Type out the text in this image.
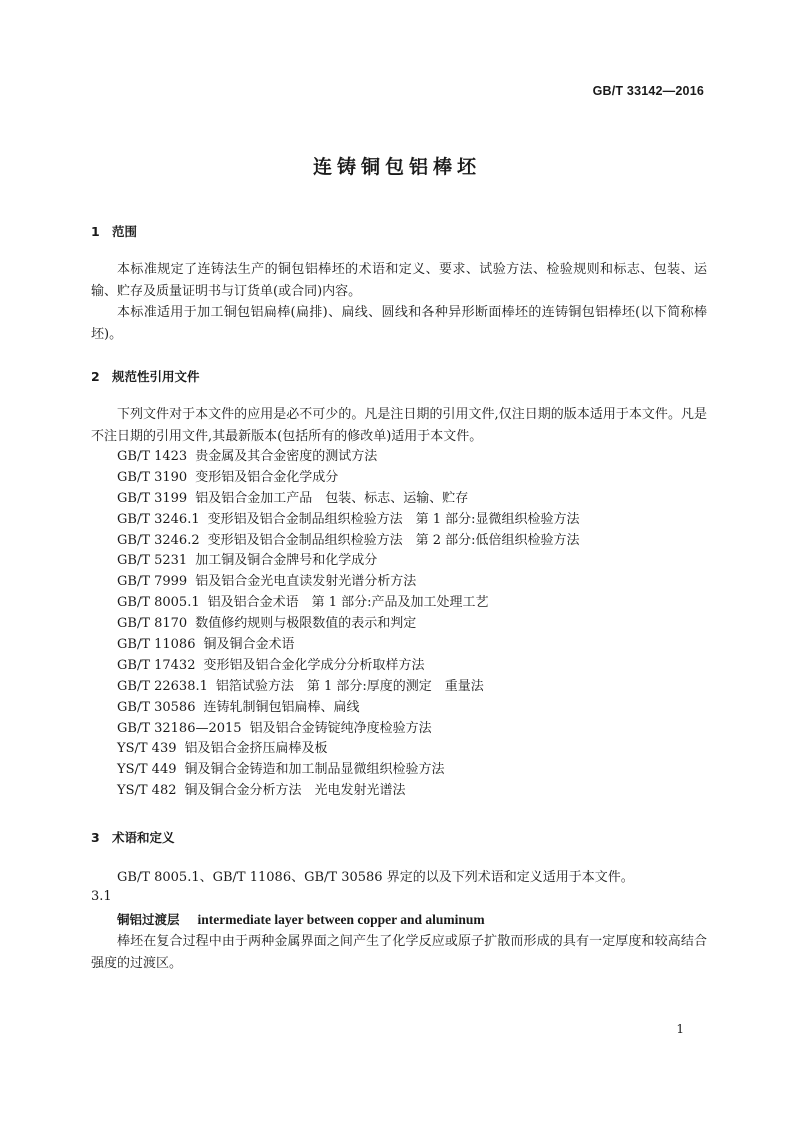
GB/T 33142—2016
连铸铜包铝棒坯
1 范围
本标准规定了连铸法生产的铜包铝棒坯的术语和定义、要求、试验方法、检验规则和标志、包装、运输、贮存及质量证明书与订货单(或合同)内容。
本标准适用于加工铜包铝扁棒(扁排)、扁线、圆线和各种异形断面棒坯的连铸铜包铝棒坯(以下简称棒坯)。
2 规范性引用文件
下列文件对于本文件的应用是必不可少的。凡是注日期的引用文件,仅注日期的版本适用于本文件。凡是不注日期的引用文件,其最新版本(包括所有的修改单)适用于本文件。
GB/T 1423 贵金属及其合金密度的测试方法
GB/T 3190 变形铝及铝合金化学成分
GB/T 3199 铝及铝合金加工产品　包装、标志、运输、贮存
GB/T 3246.1 变形铝及铝合金制品组织检验方法　第 1 部分:显微组织检验方法
GB/T 3246.2 变形铝及铝合金制品组织检验方法　第 2 部分:低倍组织检验方法
GB/T 5231 加工铜及铜合金牌号和化学成分
GB/T 7999 铝及铝合金光电直读发射光谱分析方法
GB/T 8005.1 铝及铝合金术语　第 1 部分:产品及加工处理工艺
GB/T 8170 数值修约规则与极限数值的表示和判定
GB/T 11086 铜及铜合金术语
GB/T 17432 变形铝及铝合金化学成分分析取样方法
GB/T 22638.1 铝箔试验方法　第 1 部分:厚度的测定　重量法
GB/T 30586 连铸轧制铜包铝扁棒、扁线
GB/T 32186—2015 铝及铝合金铸锭纯净度检验方法
YS/T 439 铝及铝合金挤压扁棒及板
YS/T 449 铜及铜合金铸造和加工制品显微组织检验方法
YS/T 482 铜及铜合金分析方法　光电发射光谱法
3 术语和定义
GB/T 8005.1、GB/T 11086、GB/T 30586 界定的以及下列术语和定义适用于本文件。
3.1
铜铝过渡层 intermediate layer between copper and aluminum
棒坯在复合过程中由于两种金属界面之间产生了化学反应或原子扩散而形成的具有一定厚度和较高结合强度的过渡区。
1
